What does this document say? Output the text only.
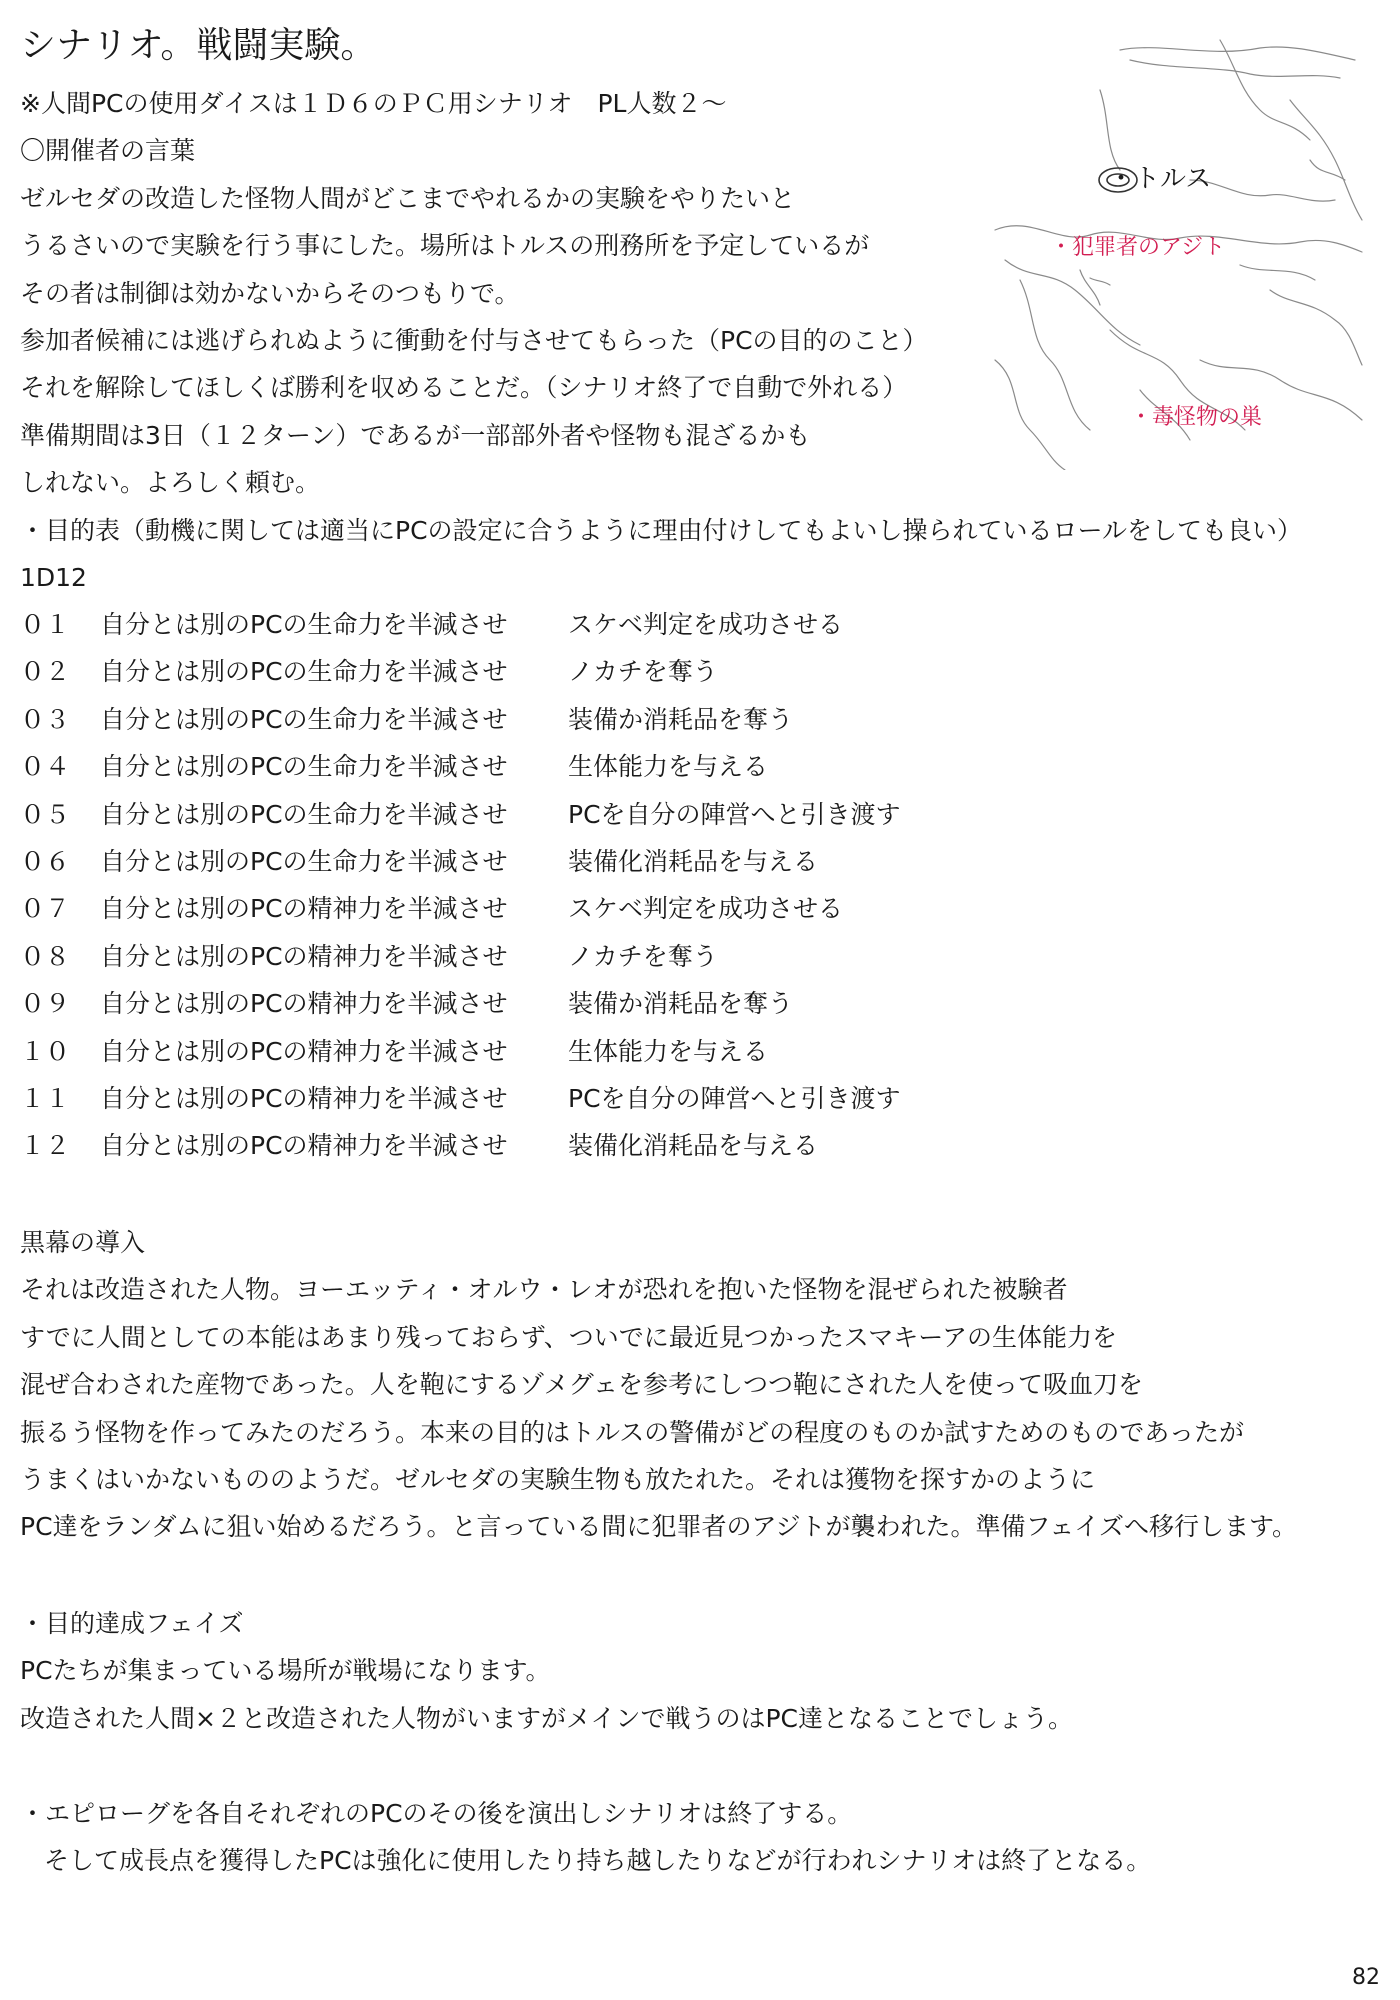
シナリオ。戦闘実験。
※人間PCの使用ダイスは１Ｄ６のＰＣ用シナリオ　PL人数２～
〇開催者の言葉
ゼルセダの改造した怪物人間がどこまでやれるかの実験をやりたいと
うるさいので実験を行う事にした。場所はトルスの刑務所を予定しているが
その者は制御は効かないからそのつもりで。
参加者候補には逃げられぬように衝動を付与させてもらった（PCの目的のこと）
それを解除してほしくば勝利を収めることだ。（シナリオ終了で自動で外れる）
準備期間は3日（１２ターン）であるが一部部外者や怪物も混ざるかも
しれない。よろしく頼む。
・目的表（動機に関しては適当にPCの設定に合うように理由付けしてもよいし操られているロールをしても良い）
1D12
０１ 自分とは別のPCの生命力を半減させ スケベ判定を成功させる
０２ 自分とは別のPCの生命力を半減させ ノカチを奪う
０３ 自分とは別のPCの生命力を半減させ 装備か消耗品を奪う
０４ 自分とは別のPCの生命力を半減させ 生体能力を与える
０５ 自分とは別のPCの生命力を半減させ PCを自分の陣営へと引き渡す
０６ 自分とは別のPCの生命力を半減させ 装備化消耗品を与える
０７ 自分とは別のPCの精神力を半減させ スケベ判定を成功させる
０８ 自分とは別のPCの精神力を半減させ ノカチを奪う
０９ 自分とは別のPCの精神力を半減させ 装備か消耗品を奪う
１０ 自分とは別のPCの精神力を半減させ 生体能力を与える
１１ 自分とは別のPCの精神力を半減させ PCを自分の陣営へと引き渡す
１２ 自分とは別のPCの精神力を半減させ 装備化消耗品を与える
黒幕の導入
それは改造された人物。ヨーエッティ・オルウ・レオが恐れを抱いた怪物を混ぜられた被験者
すでに人間としての本能はあまり残っておらず、ついでに最近見つかったスマキーアの生体能力を
混ぜ合わされた産物であった。人を鞄にするゾメグェを参考にしつつ鞄にされた人を使って吸血刀を
振るう怪物を作ってみたのだろう。本来の目的はトルスの警備がどの程度のものか試すためのものであったが
うまくはいかないもののようだ。ゼルセダの実験生物も放たれた。それは獲物を探すかのように
PC達をランダムに狙い始めるだろう。と言っている間に犯罪者のアジトが襲われた。準備フェイズへ移行します。
・目的達成フェイズ
PCたちが集まっている場所が戦場になります。
改造された人間×２と改造された人物がいますがメインで戦うのはPC達となることでしょう。
・エピローグを各自それぞれのPCのその後を演出しシナリオは終了する。
そして成長点を獲得したPCは強化に使用したり持ち越したりなどが行われシナリオは終了となる。
・トルス
・犯罪者のアジト
・毒怪物の巣
82
